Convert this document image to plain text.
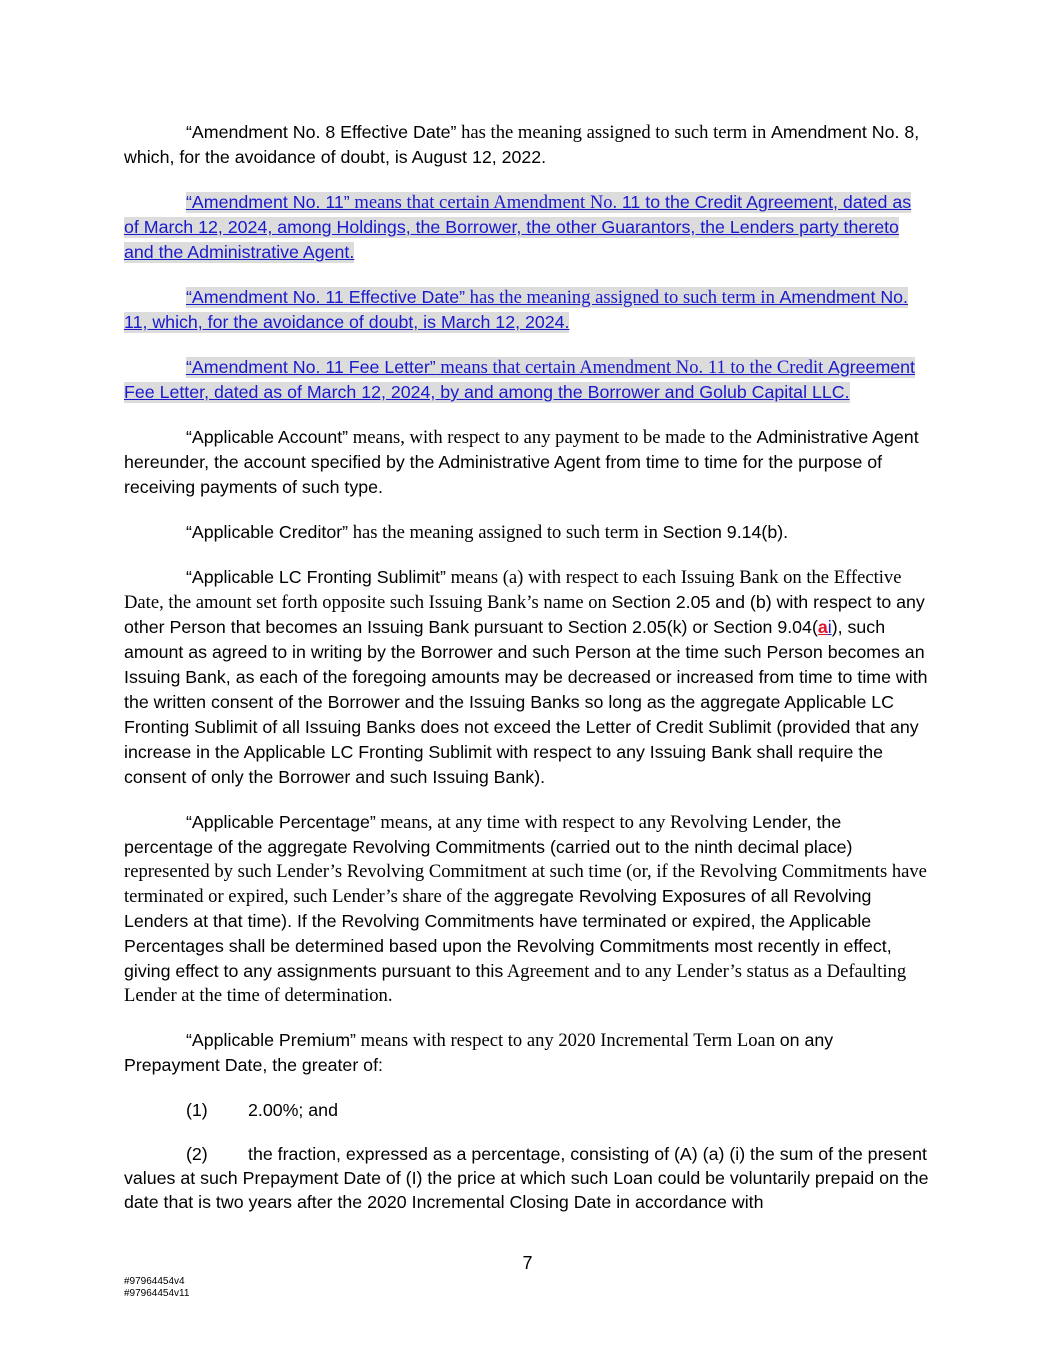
“Amendment No. 8 Effective Date” has the meaning assigned to such term in Amendment No. 8, which, for the avoidance of doubt, is August 12, 2022.

“Amendment No. 11” means that certain Amendment No. 11 to the Credit Agreement, dated as of March 12, 2024, among Holdings, the Borrower, the other Guarantors, the Lenders party thereto and the Administrative Agent.

“Amendment No. 11 Effective Date” has the meaning assigned to such term in Amendment No. 11, which, for the avoidance of doubt, is March 12, 2024.

“Amendment No. 11 Fee Letter” means that certain Amendment No. 11 to the Credit Agreement Fee Letter, dated as of March 12, 2024, by and among the Borrower and Golub Capital LLC.

“Applicable Account” means, with respect to any payment to be made to the Administrative Agent hereunder, the account specified by the Administrative Agent from time to time for the purpose of receiving payments of such type.

“Applicable Creditor” has the meaning assigned to such term in Section 9.14(b).

“Applicable LC Fronting Sublimit” means (a) with respect to each Issuing Bank on the Effective Date, the amount set forth opposite such Issuing Bank’s name on Section 2.05 and (b) with respect to any other Person that becomes an Issuing Bank pursuant to Section 2.05(k) or Section 9.04(ai), such amount as agreed to in writing by the Borrower and such Person at the time such Person becomes an Issuing Bank, as each of the foregoing amounts may be decreased or increased from time to time with the written consent of the Borrower and the Issuing Banks so long as the aggregate Applicable LC Fronting Sublimit of all Issuing Banks does not exceed the Letter of Credit Sublimit (provided that any increase in the Applicable LC Fronting Sublimit with respect to any Issuing Bank shall require the consent of only the Borrower and such Issuing Bank).

“Applicable Percentage” means, at any time with respect to any Revolving Lender, the percentage of the aggregate Revolving Commitments (carried out to the ninth decimal place) represented by such Lender’s Revolving Commitment at such time (or, if the Revolving Commitments have terminated or expired, such Lender’s share of the aggregate Revolving Exposures of all Revolving Lenders at that time). If the Revolving Commitments have terminated or expired, the Applicable Percentages shall be determined based upon the Revolving Commitments most recently in effect, giving effect to any assignments pursuant to this Agreement and to any Lender’s status as a Defaulting Lender at the time of determination.

“Applicable Premium” means with respect to any 2020 Incremental Term Loan on any Prepayment Date, the greater of:

(1) 2.00%; and

(2) the fraction, expressed as a percentage, consisting of (A) (a) (i) the sum of the present values at such Prepayment Date of (I) the price at which such Loan could be voluntarily prepaid on the date that is two years after the 2020 Incremental Closing Date in accordance with

7
#97964454v4
#97964454v11
